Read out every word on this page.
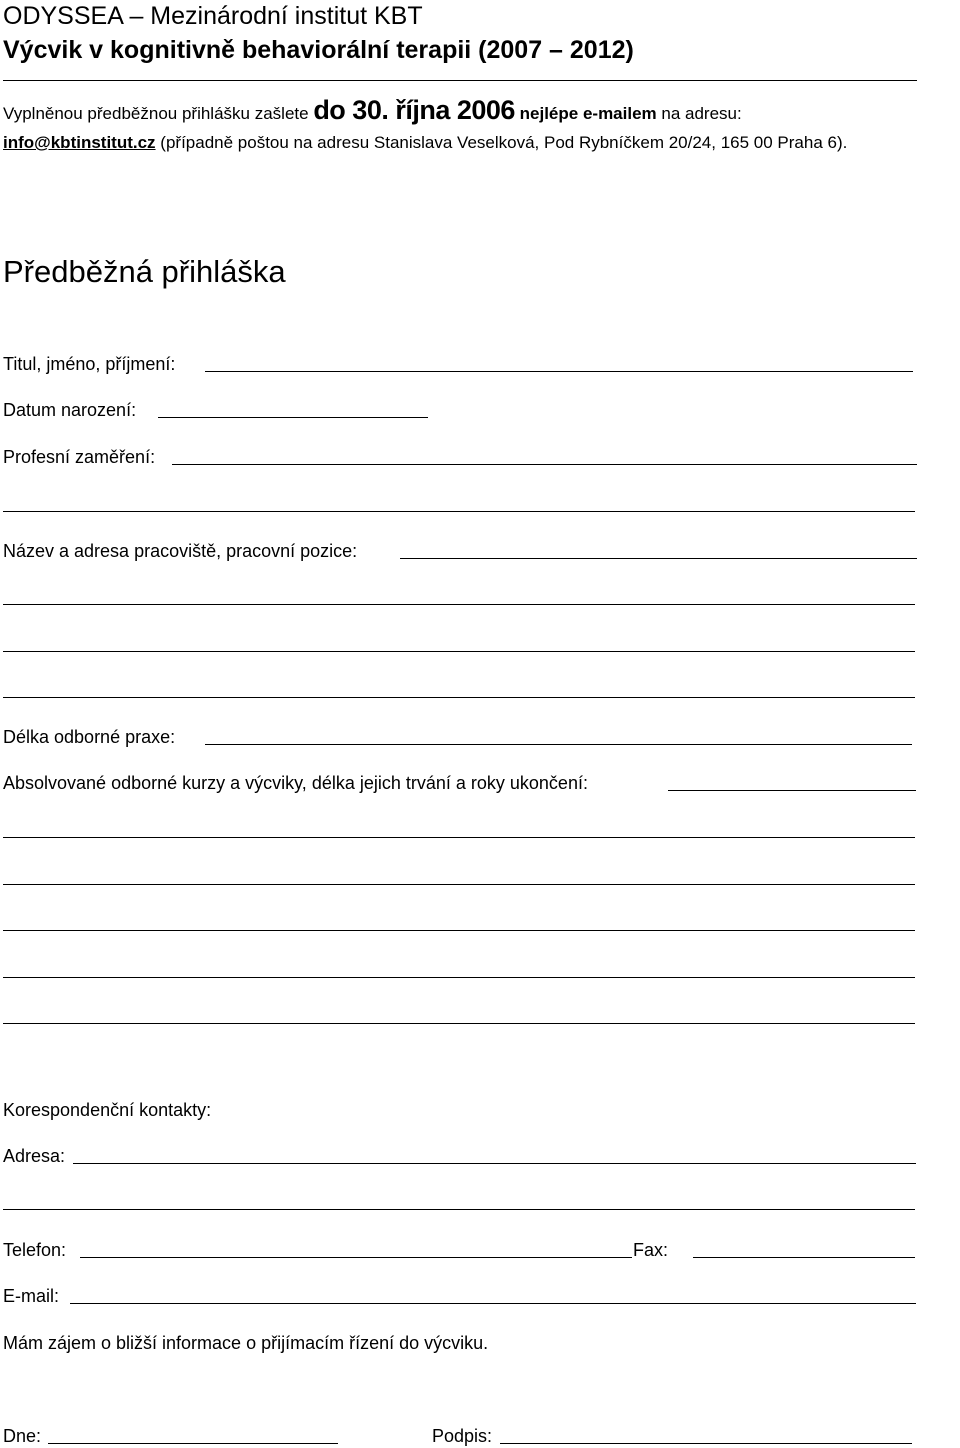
ODYSSEA – Mezinárodní institut KBT
Výcvik v kognitivně behaviorální terapii (2007 – 2012)
Vyplněnou předběžnou přihlášku zašlete do 30. října 2006 nejlépe e-mailem na adresu:
info@kbtinstitut.cz (případně poštou na adresu Stanislava Veselková, Pod Rybníčkem 20/24, 165 00 Praha 6).
Předběžná přihláška
Titul, jméno, příjmení:
Datum narození:
Profesní zaměření:
Název a adresa pracoviště, pracovní pozice:
Délka odborné praxe:
Absolvované odborné kurzy a výcviky, délka jejich trvání a roky ukončení:
Korespondenční kontakty:
Adresa:
Telefon:	Fax:
E-mail:
Mám zájem o bližší informace o přijímacím řízení do výcviku.
Dne:	Podpis:
